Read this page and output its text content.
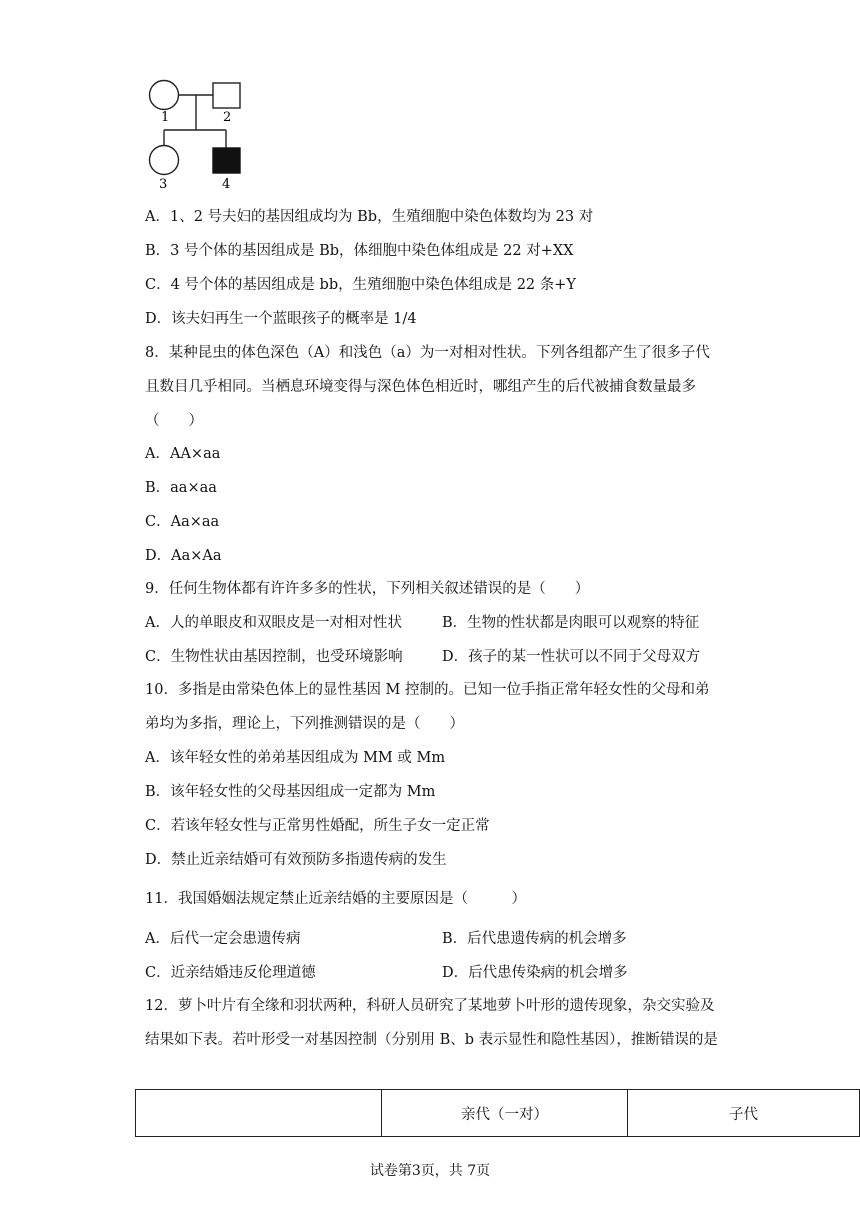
1	2
3	4
A．1、2 号夫妇的基因组成均为 Bb，生殖细胞中染色体数均为 23 对
B．3 号个体的基因组成是 Bb，体细胞中染色体组成是 22 对+XX
C．4 号个体的基因组成是 bb，生殖细胞中染色体组成是 22 条+Y
D．该夫妇再生一个蓝眼孩子的概率是 1/4
8．某种昆虫的体色深色（A）和浅色（a）为一对相对性状。下列各组都产生了很多子代且数目几乎相同。当栖息环境变得与深色体色相近时，哪组产生的后代被捕食数量最多（　　）
A．AA×aa
B．aa×aa
C．Aa×aa
D．Aa×Aa
9．任何生物体都有许许多多的性状，下列相关叙述错误的是（　　）
A．人的单眼皮和双眼皮是一对相对性状	B．生物的性状都是肉眼可以观察的特征
C．生物性状由基因控制，也受环境影响	D．孩子的某一性状可以不同于父母双方
10．多指是由常染色体上的显性基因 M 控制的。已知一位手指正常年轻女性的父母和弟弟均为多指，理论上，下列推测错误的是（　　）
A．该年轻女性的弟弟基因组成为 MM 或 Mm
B．该年轻女性的父母基因组成一定都为 Mm
C．若该年轻女性与正常男性婚配，所生子女一定正常
D．禁止近亲结婚可有效预防多指遗传病的发生
11．我国婚姻法规定禁止近亲结婚的主要原因是（　　　）
A．后代一定会患遗传病	B．后代患遗传病的机会增多
C．近亲结婚违反伦理道德	D．后代患传染病的机会增多
12．萝卜叶片有全缘和羽状两种，科研人员研究了某地萝卜叶形的遗传现象，杂交实验及结果如下表。若叶形受一对基因控制（分别用 B、b 表示显性和隐性基因），推断错误的是
	亲代（一对）	子代
试卷第3页，共 7页
